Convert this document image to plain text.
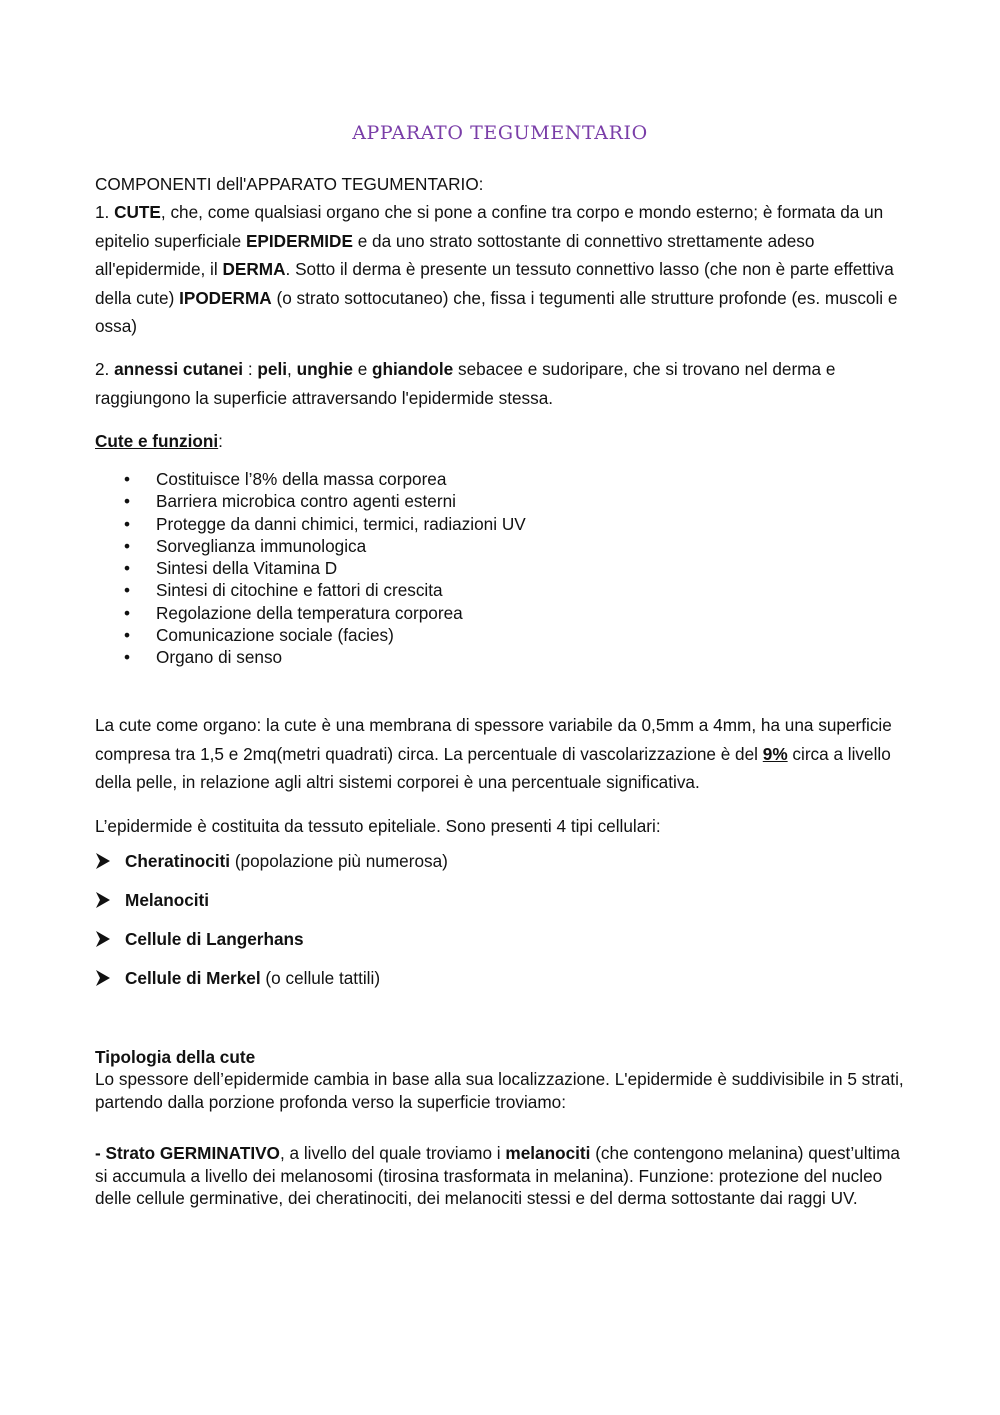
APPARATO TEGUMENTARIO
COMPONENTI dell'APPARATO TEGUMENTARIO:
1. CUTE, che, come qualsiasi organo che si pone a confine tra corpo e mondo esterno; è formata da un epitelio superficiale EPIDERMIDE e da uno strato sottostante di connettivo strettamente adeso all'epidermide, il DERMA. Sotto il derma è presente un tessuto connettivo lasso (che non è parte effettiva della cute) IPODERMA (o strato sottocutaneo) che, fissa i tegumenti alle strutture profonde (es. muscoli e ossa)
2. annessi cutanei : peli, unghie e ghiandole sebacee e sudoripare, che si trovano nel derma e raggiungono la superficie attraversando l'epidermide stessa.
Cute e funzioni:
• Costituisce l’8% della massa corporea
• Barriera microbica contro agenti esterni
• Protegge da danni chimici, termici, radiazioni UV
• Sorveglianza immunologica
• Sintesi della Vitamina D
• Sintesi di citochine e fattori di crescita
• Regolazione della temperatura corporea
• Comunicazione sociale (facies)
• Organo di senso
La cute come organo: la cute è una membrana di spessore variabile da 0,5mm a 4mm, ha una superficie compresa tra 1,5 e 2mq(metri quadrati) circa. La percentuale di vascolarizzazione è del 9% circa a livello della pelle, in relazione agli altri sistemi corporei è una percentuale significativa.
L’epidermide è costituita da tessuto epiteliale. Sono presenti 4 tipi cellulari:
Cheratinociti (popolazione più numerosa)
Melanociti
Cellule di Langerhans
Cellule di Merkel (o cellule tattili)
Tipologia della cute
Lo spessore dell’epidermide cambia in base alla sua localizzazione. L'epidermide è suddivisibile in 5 strati, partendo dalla porzione profonda verso la superficie troviamo:
- Strato GERMINATIVO, a livello del quale troviamo i melanociti (che contengono melanina) quest’ultima si accumula a livello dei melanosomi (tirosina trasformata in melanina). Funzione: protezione del nucleo delle cellule germinative, dei cheratinociti, dei melanociti stessi e del derma sottostante dai raggi UV.
